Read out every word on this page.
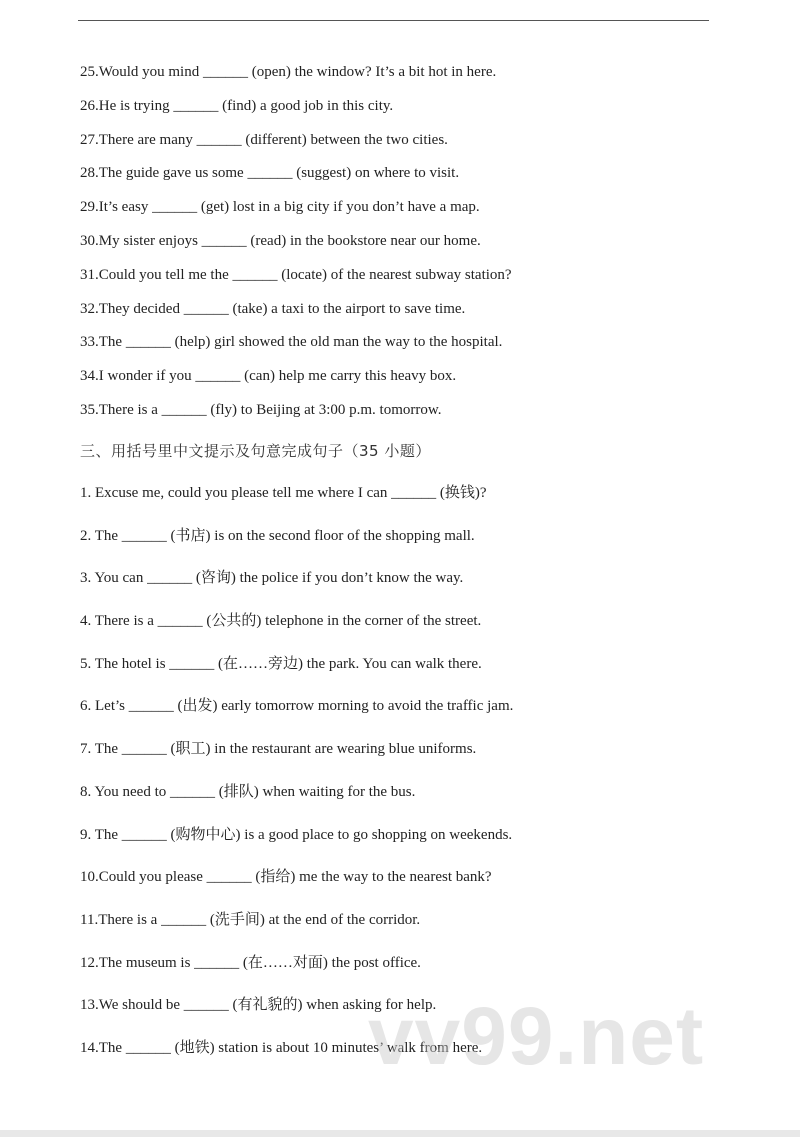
25.Would you mind ______ (open) the window? It’s a bit hot in here.
26.He is trying ______ (find) a good job in this city.
27.There are many ______ (different) between the two cities.
28.The guide gave us some ______ (suggest) on where to visit.
29.It’s easy ______ (get) lost in a big city if you don’t have a map.
30.My sister enjoys ______ (read) in the bookstore near our home.
31.Could you tell me the ______ (locate) of the nearest subway station?
32.They decided ______ (take) a taxi to the airport to save time.
33.The ______ (help) girl showed the old man the way to the hospital.
34.I wonder if you ______ (can) help me carry this heavy box.
35.There is a ______ (fly) to Beijing at 3:00 p.m. tomorrow.
三、用括号里中文提示及句意完成句子（35 小题）
1. Excuse me, could you please tell me where I can ______ (换钱)?
2. The ______ (书店) is on the second floor of the shopping mall.
3. You can ______ (咨询) the police if you don’t know the way.
4. There is a ______ (公共的) telephone in the corner of the street.
5. The hotel is ______ (在……旁边) the park. You can walk there.
6. Let’s ______ (出发) early tomorrow morning to avoid the traffic jam.
7. The ______ (职工) in the restaurant are wearing blue uniforms.
8. You need to ______ (排队) when waiting for the bus.
9. The ______ (购物中心) is a good place to go shopping on weekends.
10.Could you please ______ (指给) me the way to the nearest bank?
11.There is a ______ (洗手间) at the end of the corridor.
12.The museum is ______ (在……对面) the post office.
13.We should be ______ (有礼貌的) when asking for help.
14.The ______ (地铁) station is about 10 minutes’ walk from here.
vv99.net
